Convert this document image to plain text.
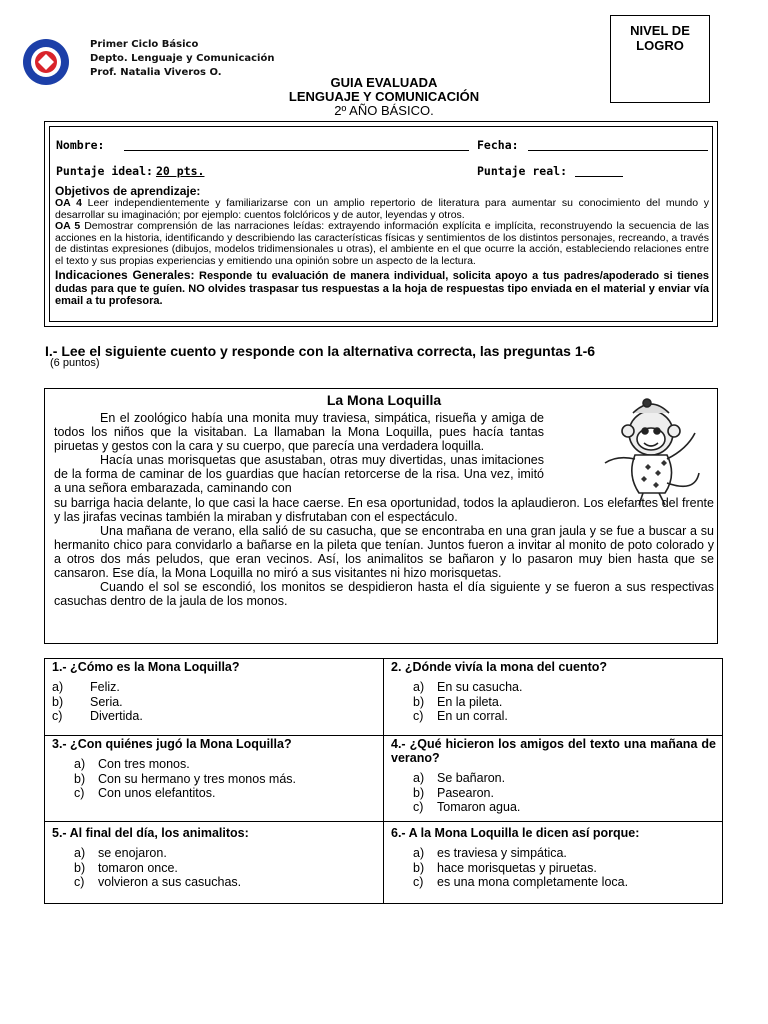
Primer Ciclo Básico
Depto. Lenguaje y Comunicación
Prof. Natalia Viveros O.
NIVEL DE
LOGRO
GUIA EVALUADA
LENGUAJE Y COMUNICACIÓN
2º AÑO BÁSICO.
Nombre:	Fecha:
Puntaje ideal: 20 pts.	Puntaje real:

Objetivos de aprendizaje:

OA 4 Leer independientemente y familiarizarse con un amplio repertorio de literatura para aumentar su conocimiento del mundo y desarrollar su imaginación; por ejemplo: cuentos folclóricos y de autor, leyendas y otros.

OA 5 Demostrar comprensión de las narraciones leídas: extrayendo información explícita e implícita, reconstruyendo la secuencia de las acciones en la historia, identificando y describiendo las características físicas y sentimientos de los distintos personajes, recreando, a través de distintas expresiones (dibujos, modelos tridimensionales u otras), el ambiente en el que ocurre la acción, estableciendo relaciones entre el texto y sus propias experiencias y emitiendo una opinión sobre un aspecto de la lectura.

Indicaciones Generales: Responde tu evaluación de manera individual, solicita apoyo a tus padres/apoderado si tienes dudas para que te guíen. NO olvides traspasar tus respuestas a la hoja de respuestas tipo enviada en el material y enviar vía email a tu profesora.

I.- Lee el siguiente cuento y responde con la alternativa correcta, las preguntas 1-6
(6 puntos)
La Mona Loquilla

En el zoológico había una monita muy traviesa, simpática, risueña y amiga de todos los niños que la visitaban. La llamaban la Mona Loquilla, pues hacía tantas piruetas y gestos con la cara y su cuerpo, que parecía una verdadera loquilla.

Hacía unas morisquetas que asustaban, otras muy divertidas, unas imitaciones de la forma de caminar de los guardias que hacían retorcerse de la risa. Una vez, imitó a una señora embarazada, caminando con

su barriga hacia delante, lo que casi la hace caerse. En esa oportunidad, todos la aplaudieron. Los elefantes del frente y las jirafas vecinas también la miraban y disfrutaban con el espectáculo.

Una mañana de verano, ella salió de su casucha, que se encontraba en una gran jaula y se fue a buscar a su hermanito chico para convidarlo a bañarse en la pileta que tenían. Juntos fueron a invitar al monito de poto colorado y a otros dos más peludos, que eran vecinos. Así, los animalitos se bañaron y lo pasaron muy bien hasta que se cansaron. Ese día, la Mona Loquilla no miró a sus visitantes ni hizo morisquetas.

Cuando el sol se escondió, los monitos se despidieron hasta el día siguiente y se fueron a sus respectivas casuchas dentro de la jaula de los monos.

1.- ¿Cómo es la Mona Loquilla?
a)	Feliz.
b)	Seria.
c)	Divertida.
2. ¿Dónde vivía la mona del cuento?
a)	En su casucha.
b)	En la pileta.
c)	En un corral.
3.- ¿Con quiénes jugó la Mona Loquilla?
a)	Con tres monos.
b)	Con su hermano y tres monos más.
c)	Con unos elefantitos.
4.- ¿Qué hicieron los amigos del texto una mañana de verano?
a)	Se bañaron.
b)	Pasearon.
c)	Tomaron agua.
5.- Al final del día, los animalitos:
a)	se enojaron.
b)	tomaron once.
c)	volvieron a sus casuchas.
6.- A la Mona Loquilla le dicen así porque:
a)	es traviesa y simpática.
b)	hace morisquetas y piruetas.
c)	es una mona completamente loca.
